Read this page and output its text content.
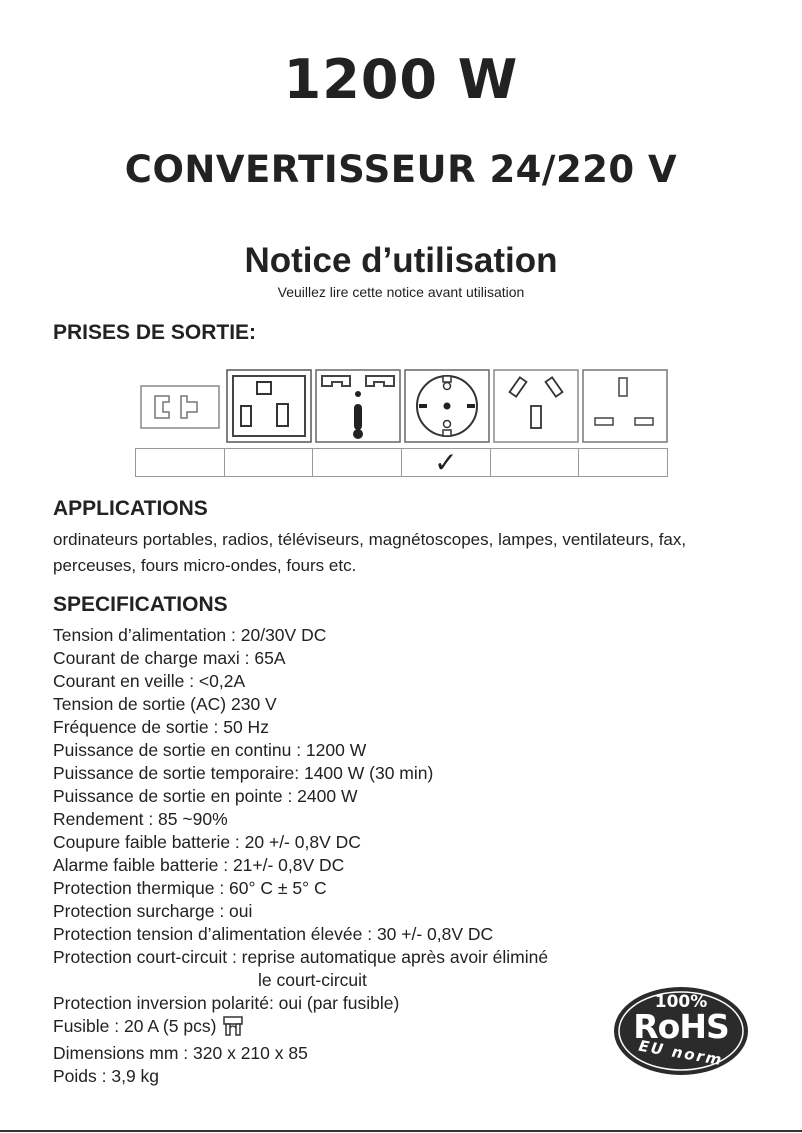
1200 W
CONVERTISSEUR 24/220 V
Notice d’utilisation
Veuillez lire cette notice avant utilisation
PRISES DE SORTIE:
✓
APPLICATIONS
ordinateurs portables, radios, téléviseurs, magnétoscopes, lampes, ventilateurs, fax, perceuses, fours micro-ondes, fours etc.
SPECIFICATIONS
Tension d’alimentation : 20/30V DC
Courant de charge maxi : 65A
Courant en veille : <0,2A
Tension de sortie (AC) 230 V
Fréquence de sortie : 50 Hz
Puissance de sortie en continu : 1200 W
Puissance de sortie temporaire: 1400 W (30 min)
Puissance de sortie en pointe : 2400 W
Rendement : 85 ~90%
Coupure faible batterie : 20 +/- 0,8V DC
Alarme faible batterie : 21+/- 0,8V DC
Protection thermique : 60° C ± 5° C
Protection surcharge : oui
Protection tension d’alimentation élevée : 30 +/- 0,8V DC
Protection court-circuit : reprise automatique après avoir éliminé
le court-circuit
Protection inversion polarité: oui (par fusible)
Fusible : 20 A (5 pcs)
Dimensions mm : 320 x 210 x 85
Poids : 3,9 kg
100%
RoHS
EU norm
